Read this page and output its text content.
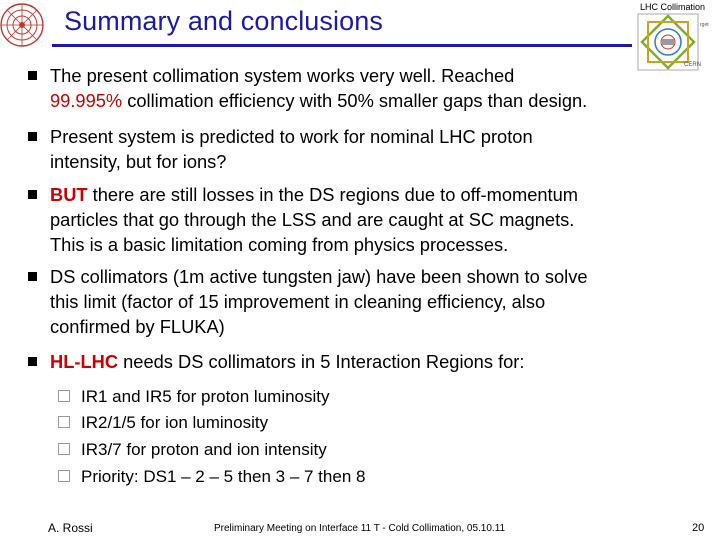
Summary and conclusions	LHC Collimation
CERN
rget
The present collimation system works very well. Reached
99.995% collimation efficiency with 50% smaller gaps than design.
Present system is predicted to work for nominal LHC proton
intensity, but for ions?
BUT there are still losses in the DS regions due to off-momentum
particles that go through the LSS and are caught at SC magnets.
This is a basic limitation coming from physics processes.
DS collimators (1m active tungsten jaw) have been shown to solve
this limit (factor of 15 improvement in cleaning efficiency, also
confirmed by FLUKA)
HL-LHC needs DS collimators in 5 Interaction Regions for:
IR1 and IR5 for proton luminosity
IR2/1/5 for ion luminosity
IR3/7 for proton and ion intensity
Priority: DS1 – 2 – 5 then 3 – 7 then 8
A. Rossi	Preliminary Meeting on Interface 11 T - Cold Collimation, 05.10.11	20
